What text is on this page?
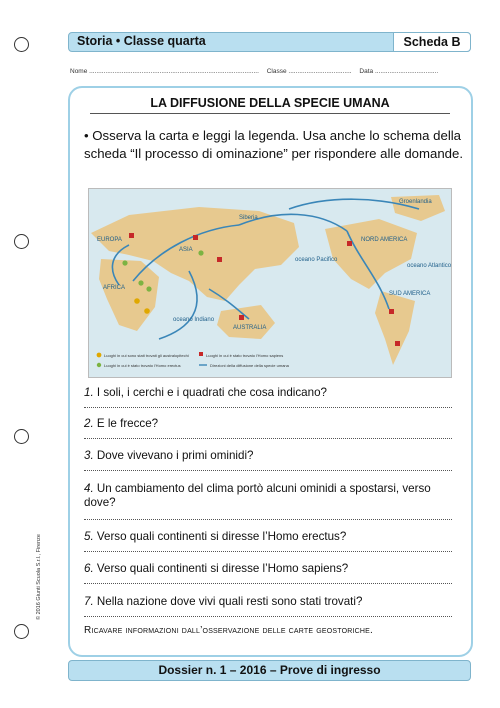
Storia • Classe quarta	Scheda B
Nome .............................................................................................. Classe ................................... Data ...................................
LA DIFFUSIONE DELLA SPECIE UMANA
• Osserva la carta e leggi la legenda. Usa anche lo schema della scheda “Il processo di ominazione” per rispondere alle domande.
Groenlandia
Siberia
EUROPA
ASIA
NORD AMERICA
oceano Pacifico
oceano Atlantico
AFRICA
oceano Indiano
AUSTRALIA
SUD AMERICA
Luoghi in cui sono stati trovati gli australopitechi
Luoghi in cui è stato trovato l'Homo erectus
Luoghi in cui è stato trovato l'Homo sapiens
Direzioni della diffusione della specie umana
1. I soli, i cerchi e i quadrati che cosa indicano?
2. E le frecce?
3. Dove vivevano i primi ominidi?
4. Un cambiamento del clima portò alcuni ominidi a spostarsi, verso dove?
5. Verso quali continenti si diresse l’Homo erectus?
6. Verso quali continenti si diresse l’Homo sapiens?
7. Nella nazione dove vivi quali resti sono stati trovati?
Ricavare informazioni dall’osservazione delle carte geostoriche.
© 2016 Giunti Scuola S.r.l., Firenze
Dossier n. 1 – 2016 – Prove di ingresso
